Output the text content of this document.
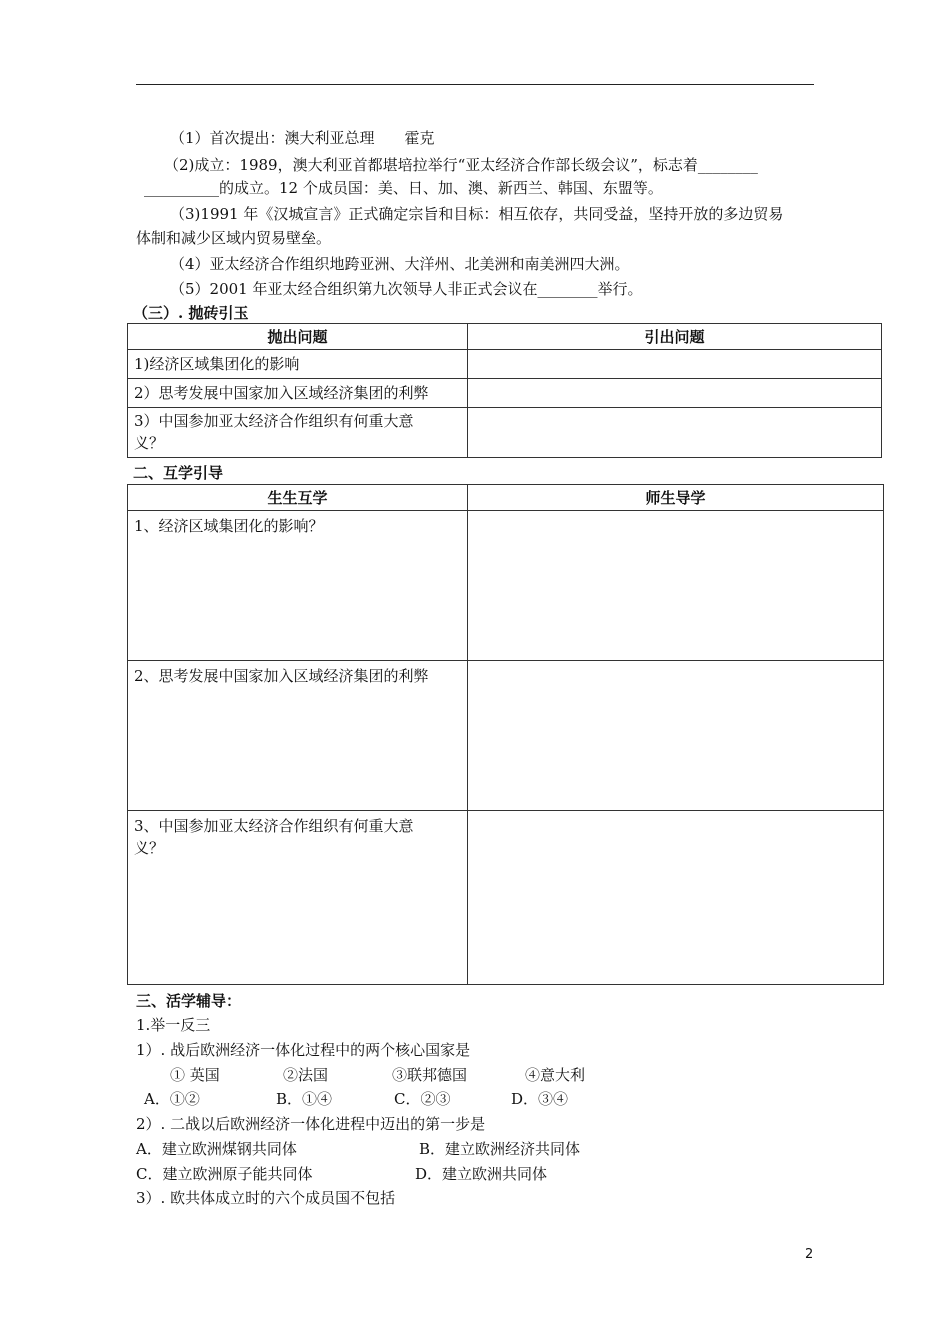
（1）首次提出：澳大利亚总理　　霍克
（2)成立：1989，澳大利亚首都堪培拉举行“亚太经济合作部长级会议”，标志着________
__________的成立。12 个成员国：美、日、加、澳、新西兰、韩国、东盟等。
（3)1991 年《汉城宣言》正式确定宗旨和目标：相互依存，共同受益，坚持开放的多边贸易
体制和减少区域内贸易壁垒。
（4）亚太经济合作组织地跨亚洲、大洋州、北美洲和南美洲四大洲。
（5）2001 年亚太经合组织第九次领导人非正式会议在________举行。
（三）. 抛砖引玉
抛出问题	引出问题
1)经济区域集团化的影响	
2）思考发展中国家加入区域经济集团的利弊	
3）中国参加亚太经济合作组织有何重大意
义？	
二、互学引导
生生互学	师生导学
1、经济区域集团化的影响？	
2、思考发展中国家加入区域经济集团的利弊	
3、中国参加亚太经济合作组织有何重大意
义？	
三、活学辅导：
1.举一反三
1）. 战后欧洲经济一体化过程中的两个核心国家是
① 英国	②法国	③联邦德国	④意大利
A．①②	B．①④	C．②③	D．③④
2）. 二战以后欧洲经济一体化进程中迈出的第一步是
A．建立欧洲煤钢共同体	B．建立欧洲经济共同体
C．建立欧洲原子能共同体	D．建立欧洲共同体
3）. 欧共体成立时的六个成员国不包括
2
